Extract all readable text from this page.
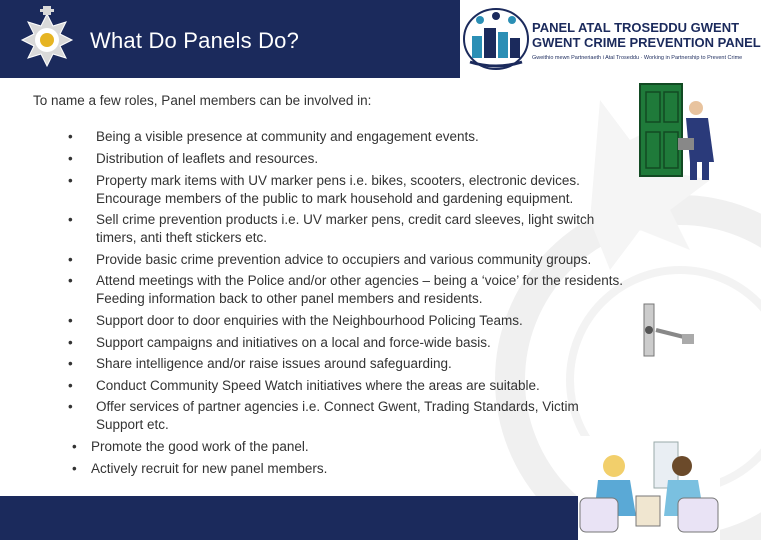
What Do Panels Do?
PANEL ATAL TROSEDDU GWENT
GWENT CRIME PREVENTION PANEL
Gweithio mewn Partneriaeth i Atal Troseddu · Working in Partnership to Prevent Crime
To name a few roles, Panel members can be involved in:
• Being a visible presence at community and engagement events.
• Distribution of leaflets and resources.
• Property mark items with UV marker pens i.e. bikes, scooters, electronic devices.
Encourage members of the public to mark household and gardening equipment.
• Sell crime prevention products i.e. UV marker pens, credit card sleeves, light switch
timers, anti theft stickers etc.
• Provide basic crime prevention advice to occupiers and various community groups.
• Attend meetings with the Police and/or other agencies – being a ‘voice’ for the residents.
Feeding information back to other panel members and residents.
• Support door to door enquiries with the Neighbourhood Policing Teams.
• Support campaigns and initiatives on a local and force-wide basis.
• Share intelligence and/or raise issues around safeguarding.
• Conduct Community Speed Watch initiatives where the areas are suitable.
• Offer services of partner agencies i.e. Connect Gwent, Trading Standards, Victim
Support etc.
• Promote the good work of the panel.
• Actively recruit for new panel members.
